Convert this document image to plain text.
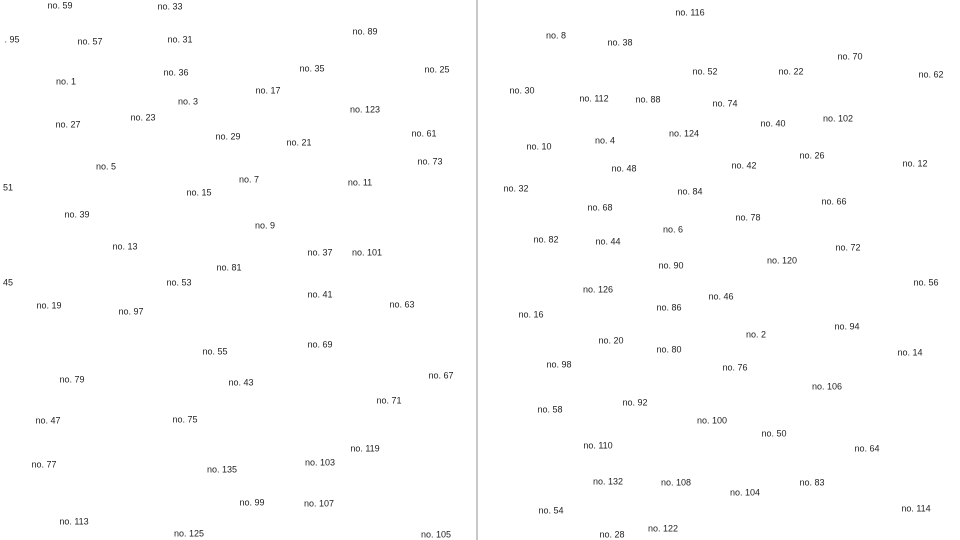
no. 59	no. 33
. 95	no. 57	no. 31
no. 89
no. 1
no. 36	no. 35	no. 25
no. 3
no. 17
no. 123
no. 27
no. 23
no. 29
no. 21
no. 61
no. 5
no. 7
no. 73
51	no. 15
no. 11
no. 39
no. 9
no. 13
no. 37 no. 101
no. 81
45	no. 53
no. 41
no. 19
no. 97
no. 63
no. 55
no. 69
no. 79	no. 43
no. 67
no. 71
no. 47	no. 75
no. 119
no. 77	no. 135
no. 103
no. 99	no. 107
no. 113
no. 125	no. 105
no. 116
no. 8
no. 38
no. 70
no. 52	no. 22	no. 62
no. 30
no. 112	no. 88	no. 74
no. 102
no. 40
no. 124
no. 4
no. 10
no. 26
no. 48	no. 42	no. 12
no. 32	no. 84
no. 68
no. 66
no. 78
no. 6
no. 82	no. 44
no. 72
no. 120
no. 90
no. 56
no. 126
no. 46
no. 86
no. 16
no. 94
no. 2
no. 20
no. 80	no. 14
no. 98	no. 76
no. 106
no. 58
no. 92
no. 100
no. 50
no. 110	no. 64
no. 132	no. 108	no. 83
no. 104
no. 54	no. 114
no. 122
no. 28
